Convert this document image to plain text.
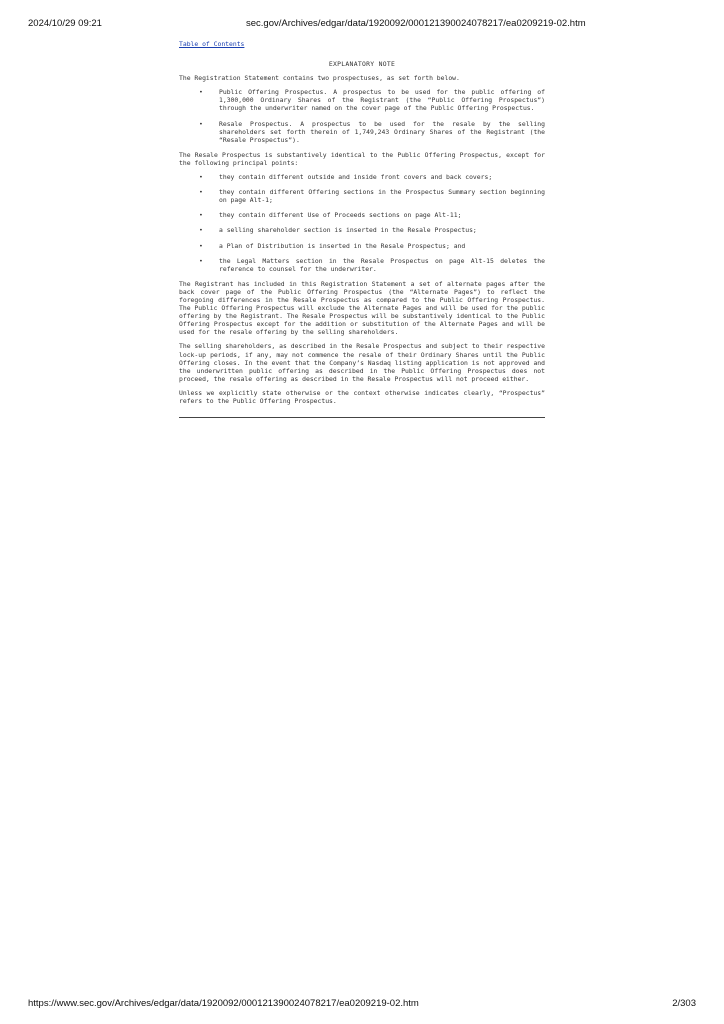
2024/10/29 09:21	sec.gov/Archives/edgar/data/1920092/000121390024078217/ea0209219-02.htm
Table of Contents

EXPLANATORY NOTE

The Registration Statement contains two prospectuses, as set forth below.

•	Public Offering Prospectus. A prospectus to be used for the public offering of 1,300,000 Ordinary Shares of the Registrant (the “Public Offering Prospectus”) through the underwriter named on the cover page of the Public Offering Prospectus.
•	Resale Prospectus. A prospectus to be used for the resale by the selling shareholders set forth therein of 1,749,243 Ordinary Shares of the Registrant (the “Resale Prospectus”).

The Resale Prospectus is substantively identical to the Public Offering Prospectus, except for the following principal points:

•	they contain different outside and inside front covers and back covers;
•	they contain different Offering sections in the Prospectus Summary section beginning on page Alt-1;
•	they contain different Use of Proceeds sections on page Alt-11;
•	a selling shareholder section is inserted in the Resale Prospectus;
•	a Plan of Distribution is inserted in the Resale Prospectus; and
•	the Legal Matters section in the Resale Prospectus on page Alt-15 deletes the reference to counsel for the underwriter.

The Registrant has included in this Registration Statement a set of alternate pages after the back cover page of the Public Offering Prospectus (the “Alternate Pages”) to reflect the foregoing differences in the Resale Prospectus as compared to the Public Offering Prospectus. The Public Offering Prospectus will exclude the Alternate Pages and will be used for the public offering by the Registrant. The Resale Prospectus will be substantively identical to the Public Offering Prospectus except for the addition or substitution of the Alternate Pages and will be used for the resale offering by the selling shareholders.

The selling shareholders, as described in the Resale Prospectus and subject to their respective lock-up periods, if any, may not commence the resale of their Ordinary Shares until the Public Offering closes. In the event that the Company’s Nasdaq listing application is not approved and the underwritten public offering as described in the Public Offering Prospectus does not proceed, the resale offering as described in the Resale Prospectus will not proceed either.

Unless we explicitly state otherwise or the context otherwise indicates clearly, “Prospectus” refers to the Public Offering Prospectus.

https://www.sec.gov/Archives/edgar/data/1920092/000121390024078217/ea0209219-02.htm	2/303
